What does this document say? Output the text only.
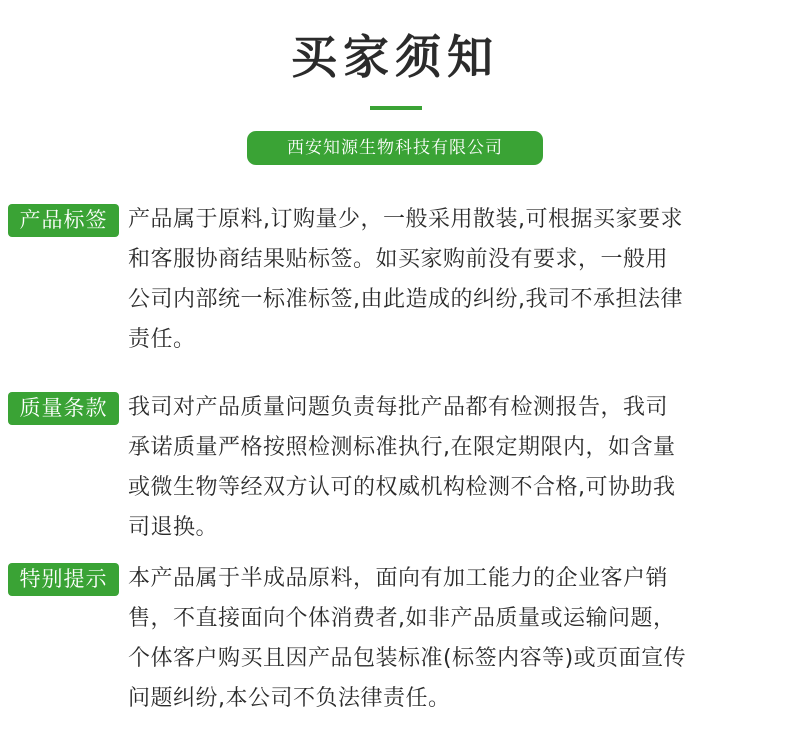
买家须知
西安知源生物科技有限公司
产品标签 产品属于原料,订购量少，一般采用散装,可根据买家要求
和客服协商结果贴标签。如买家购前没有要求，一般用
公司内部统一标准标签,由此造成的纠纷,我司不承担法律
责任。
质量条款 我司对产品质量问题负责每批产品都有检测报告，我司
承诺质量严格按照检测标准执行,在限定期限内，如含量
或微生物等经双方认可的权威机构检测不合格,可协助我
司退换。
特别提示 本产品属于半成品原料，面向有加工能力的企业客户销
售，不直接面向个体消费者,如非产品质量或运输问题，
个体客户购买且因产品包装标准(标签内容等)或页面宣传
问题纠纷,本公司不负法律责任。
